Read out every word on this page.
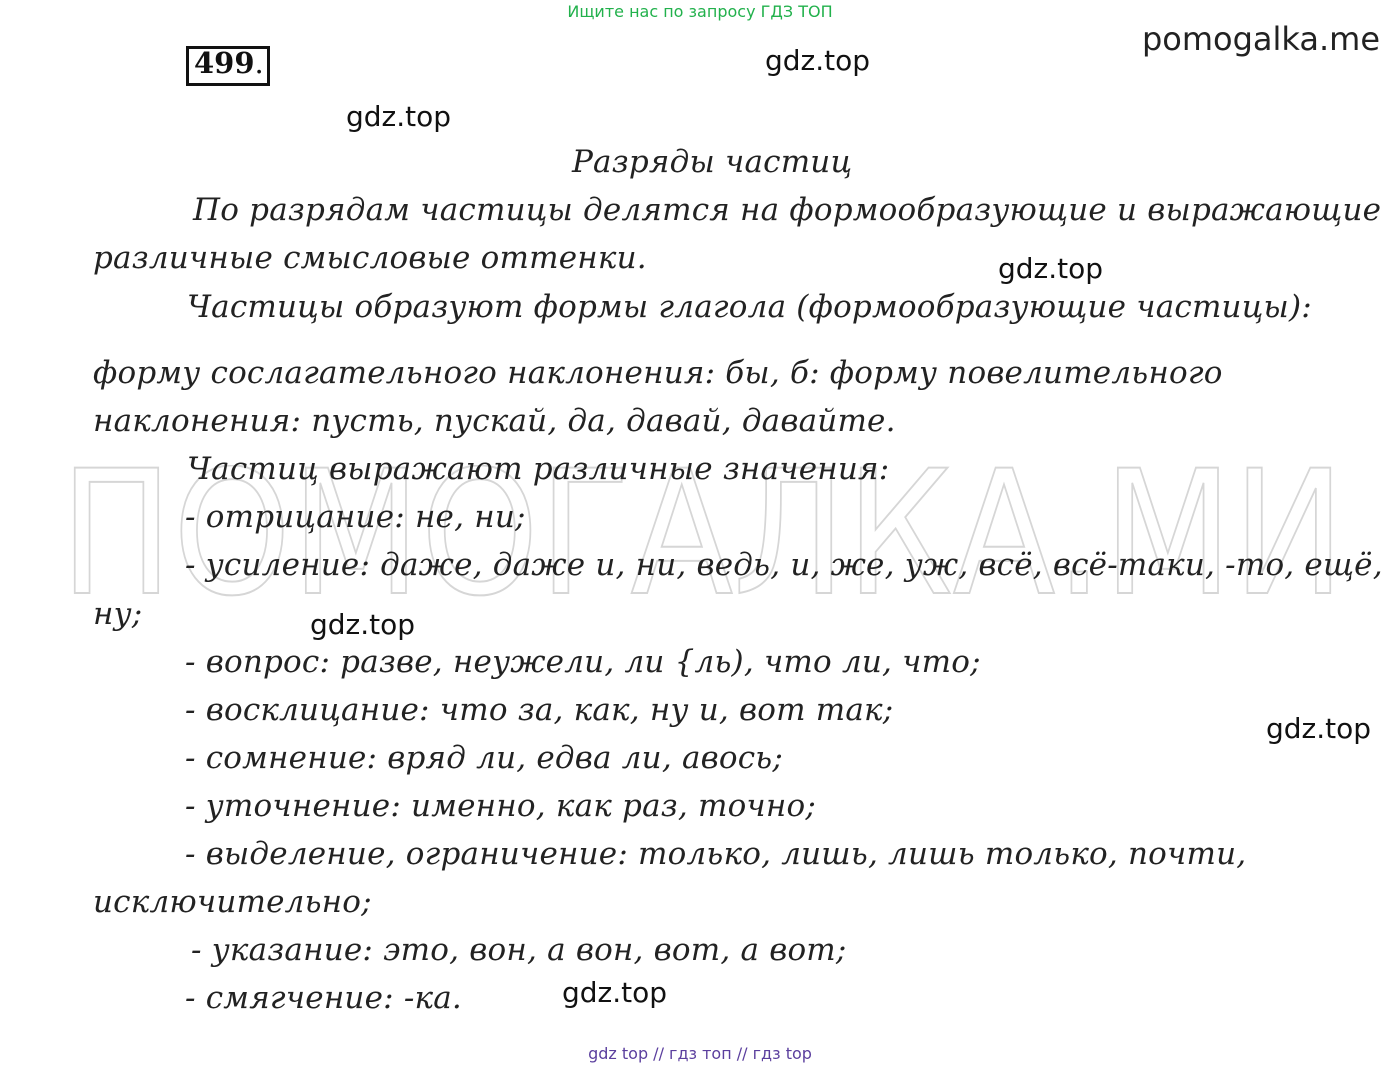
ПОМОГАЛКА.МИ
Ищите нас по запросу ГДЗ ТОП
pomogalka.me
499.	gdz.top
gdz.top
gdz.top
gdz.top
gdz.top
gdz.top
Разряды частиц
По разрядам частицы делятся на формообразующие и выражающие
различные смысловые оттенки.
Частицы образуют формы глагола (формообразующие частицы):
форму сослагательного наклонения: бы, б: форму повелительного
наклонения: пусть, пускай, да, давай, давайте.
Частиц выражают различные значения:
- отрицание: не, ни;
- усиление: даже, даже и, ни, ведь, и, же, уж, всё, всё-таки, -то, ещё,
ну;
- вопрос: разве, неужели, ли {ль), что ли, что;
- восклицание: что за, как, ну и, вот так;
- сомнение: вряд ли, едва ли, авось;
- уточнение: именно, как раз, точно;
- выделение, ограничение: только, лишь, лишь только, почти,
исключительно;
- указание: это, вон, а вон, вот, а вот;
- смягчение: -ка.
gdz top // гдз топ // гдз top
